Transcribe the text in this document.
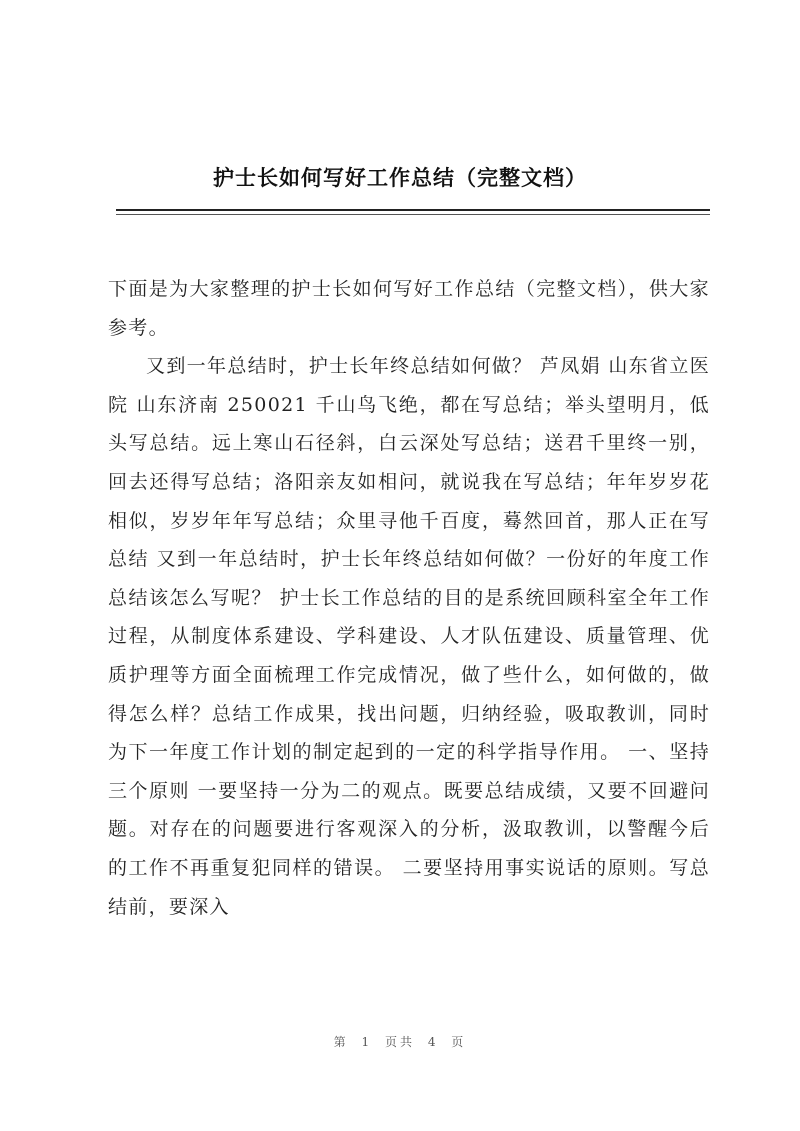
护士长如何写好工作总结（完整文档）

下面是为大家整理的护士长如何写好工作总结（完整文档），供大家参考。

又到一年总结时，护士长年终总结如何做？ 芦凤娟 山东省立医院 山东济南 250021 千山鸟飞绝，都在写总结；举头望明月，低头写总结。远上寒山石径斜，白云深处写总结；送君千里终一别，回去还得写总结；洛阳亲友如相问，就说我在写总结；年年岁岁花相似，岁岁年年写总结；众里寻他千百度，蓦然回首，那人正在写总结 又到一年总结时，护士长年终总结如何做？一份好的年度工作总结该怎么写呢？ 护士长工作总结的目的是系统回顾科室全年工作过程，从制度体系建设、学科建设、人才队伍建设、质量管理、优质护理等方面全面梳理工作完成情况，做了些什么，如何做的，做得怎么样？总结工作成果，找出问题，归纳经验，吸取教训，同时为下一年度工作计划的制定起到的一定的科学指导作用。 一、坚持三个原则 一要坚持一分为二的观点。既要总结成绩，又要不回避问题。对存在的问题要进行客观深入的分析，汲取教训，以警醒今后的工作不再重复犯同样的错误。 二要坚持用事实说话的原则。写总结前，要深入

第 1 页共 4 页
